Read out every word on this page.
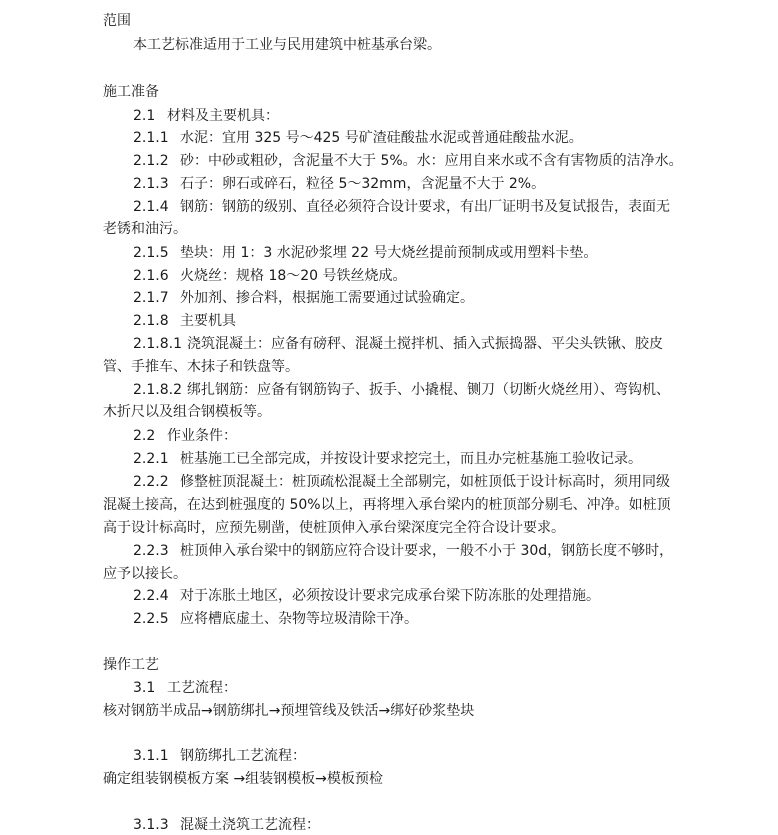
范围
本工艺标准适用于工业与民用建筑中桩基承台梁。
施工准备
2.1 材料及主要机具：
2.1.1 水泥：宜用 325 号～425 号矿渣硅酸盐水泥或普通硅酸盐水泥。
2.1.2 砂：中砂或粗砂，含泥量不大于 5%。水：应用自来水或不含有害物质的洁净水。
2.1.3 石子：卵石或碎石，粒径 5～32mm，含泥量不大于 2%。
2.1.4 钢筋：钢筋的级别、直径必须符合设计要求，有出厂证明书及复试报告，表面无
老锈和油污。
2.1.5 垫块：用 1：3 水泥砂浆埋 22 号大烧丝提前预制成或用塑料卡垫。
2.1.6 火烧丝：规格 18～20 号铁丝烧成。
2.1.7 外加剂、掺合料，根据施工需要通过试验确定。
2.1.8 主要机具
2.1.8.1 浇筑混凝土：应备有磅秤、混凝土搅拌机、插入式振捣器、平尖头铁锹、胶皮
管、手推车、木抹子和铁盘等。
2.1.8.2 绑扎钢筋：应备有钢筋钩子、扳手、小撬棍、铡刀（切断火烧丝用）、弯钩机、
木折尺以及组合钢模板等。
2.2 作业条件：
2.2.1 桩基施工已全部完成，并按设计要求挖完土，而且办完桩基施工验收记录。
2.2.2 修整桩顶混凝土：桩顶疏松混凝土全部剔完，如桩顶低于设计标高时，须用同级
混凝土接高，在达到桩强度的 50%以上，再将埋入承台梁内的桩顶部分剔毛、冲净。如桩顶
高于设计标高时，应预先剔凿，使桩顶伸入承台梁深度完全符合设计要求。
2.2.3 桩顶伸入承台梁中的钢筋应符合设计要求，一般不小于 30d，钢筋长度不够时，
应予以接长。
2.2.4 对于冻胀土地区，必须按设计要求完成承台梁下防冻胀的处理措施。
2.2.5 应将槽底虚土、杂物等垃圾清除干净。
操作工艺
3.1 工艺流程：
核对钢筋半成品→钢筋绑扎→预埋管线及铁活→绑好砂浆垫块
3.1.1 钢筋绑扎工艺流程：
确定组装钢模板方案 →组装钢模板→模板预检
3.1.3 混凝土浇筑工艺流程：
